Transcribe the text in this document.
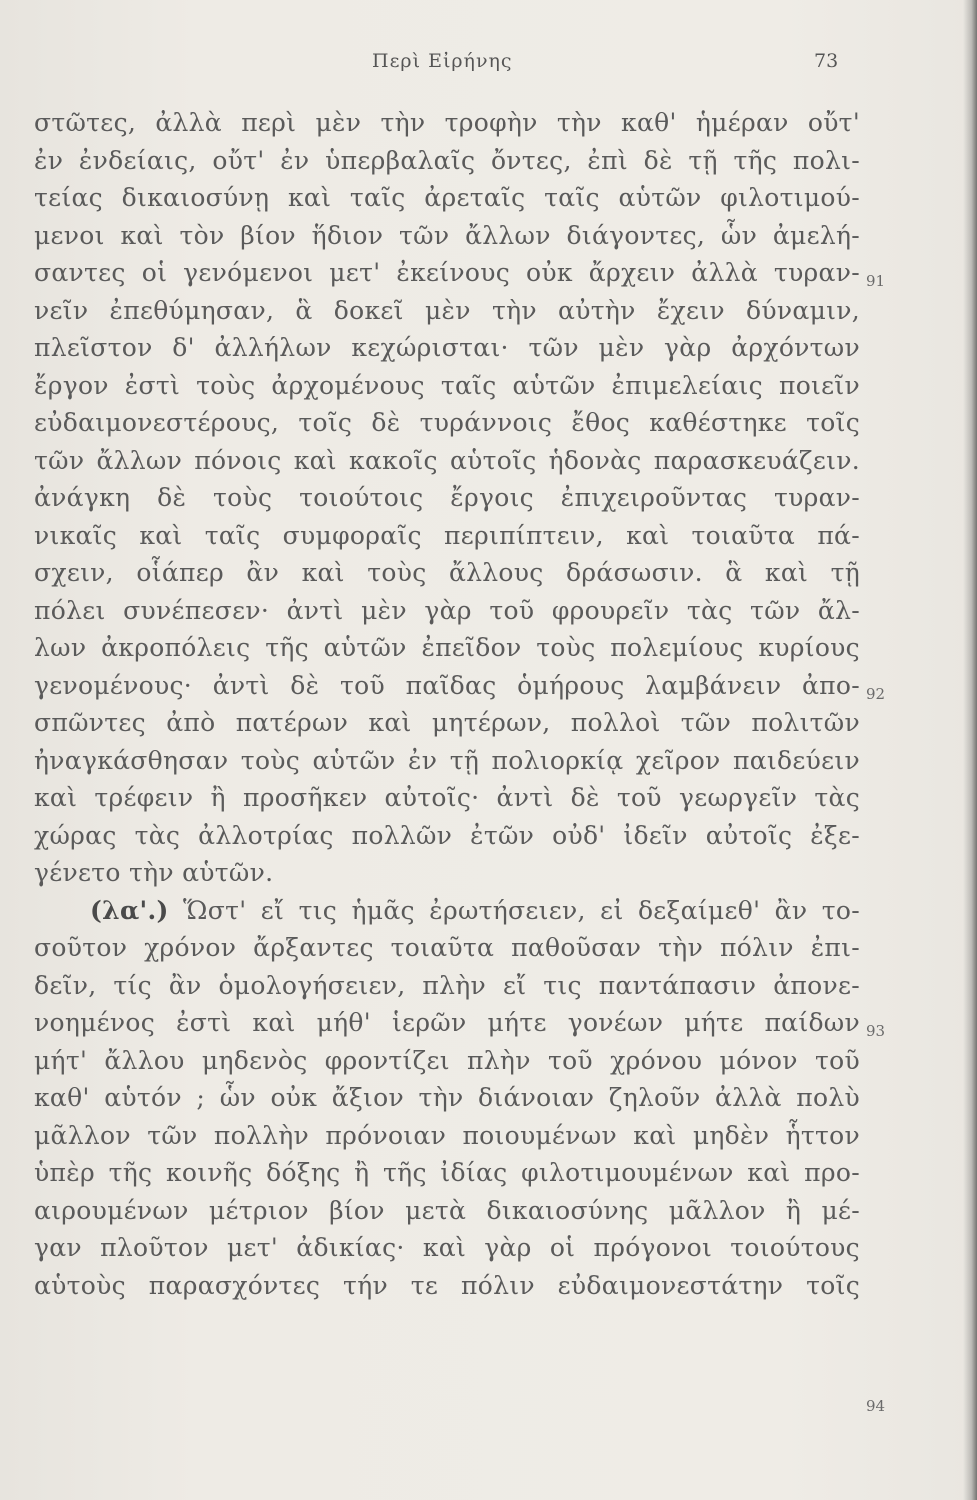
Περὶ Εἰρήνης	73
στῶτες, ἀλλὰ περὶ μὲν τὴν τροφὴν τὴν καθ' ἡμέραν οὔτ'
ἐν ἐνδείαις, οὔτ' ἐν ὑπερβαλαῖς ὄντες, ἐπὶ δὲ τῇ τῆς πολι-
τείας δικαιοσύνῃ καὶ ταῖς ἀρεταῖς ταῖς αὑτῶν φιλοτιμού-
μενοι καὶ τὸν βίον ἥδιον τῶν ἄλλων διάγοντες, ὧν ἀμελή-
σαντες οἱ γενόμενοι μετ' ἐκείνους οὐκ ἄρχειν ἀλλὰ τυραν-
νεῖν ἐπεθύμησαν, ἃ δοκεῖ μὲν τὴν αὐτὴν ἔχειν δύναμιν,
πλεῖστον δ' ἀλλήλων κεχώρισται· τῶν μὲν γὰρ ἀρχόντων
ἔργον ἐστὶ τοὺς ἀρχομένους ταῖς αὑτῶν ἐπιμελείαις ποιεῖν
εὐδαιμονεστέρους, τοῖς δὲ τυράννοις ἔθος καθέστηκε τοῖς
τῶν ἄλλων πόνοις καὶ κακοῖς αὑτοῖς ἡδονὰς παρασκευάζειν.
ἀνάγκη δὲ τοὺς τοιούτοις ἔργοις ἐπιχειροῦντας τυραν-
νικαῖς καὶ ταῖς συμφοραῖς περιπίπτειν, καὶ τοιαῦτα πά-
σχειν, οἷάπερ ἂν καὶ τοὺς ἄλλους δράσωσιν. ἃ καὶ τῇ
πόλει συνέπεσεν· ἀντὶ μὲν γὰρ τοῦ φρουρεῖν τὰς τῶν ἄλ-
λων ἀκροπόλεις τῆς αὑτῶν ἐπεῖδον τοὺς πολεμίους κυρίους
γενομένους· ἀντὶ δὲ τοῦ παῖδας ὁμήρους λαμβάνειν ἀπο-
σπῶντες ἀπὸ πατέρων καὶ μητέρων, πολλοὶ τῶν πολιτῶν
ἠναγκάσθησαν τοὺς αὑτῶν ἐν τῇ πολιορκίᾳ χεῖρον παιδεύειν
καὶ τρέφειν ἢ προσῆκεν αὐτοῖς· ἀντὶ δὲ τοῦ γεωργεῖν τὰς
χώρας τὰς ἀλλοτρίας πολλῶν ἐτῶν οὐδ' ἰδεῖν αὐτοῖς ἐξε-
γένετο τὴν αὑτῶν.
(λα'.) Ὥστ' εἴ τις ἡμᾶς ἐρωτήσειεν, εἰ δεξαίμεθ' ἂν το-
σοῦτον χρόνον ἄρξαντες τοιαῦτα παθοῦσαν τὴν πόλιν ἐπι-
δεῖν, τίς ἂν ὁμολογήσειεν, πλὴν εἴ τις παντάπασιν ἀπονε-
νοημένος ἐστὶ καὶ μήθ' ἱερῶν μήτε γονέων μήτε παίδων
μήτ' ἄλλου μηδενὸς φροντίζει πλὴν τοῦ χρόνου μόνον τοῦ
καθ' αὑτόν ; ὧν οὐκ ἄξιον τὴν διάνοιαν ζηλοῦν ἀλλὰ πολὺ
μᾶλλον τῶν πολλὴν πρόνοιαν ποιουμένων καὶ μηδὲν ἧττον
ὑπὲρ τῆς κοινῆς δόξης ἢ τῆς ἰδίας φιλοτιμουμένων καὶ προ-
αιρουμένων μέτριον βίον μετὰ δικαιοσύνης μᾶλλον ἢ μέ-
γαν πλοῦτον μετ' ἀδικίας· καὶ γὰρ οἱ πρόγονοι τοιούτους
αὑτοὺς παρασχόντες τήν τε πόλιν εὐδαιμονεστάτην τοῖς
91
92
93
94
